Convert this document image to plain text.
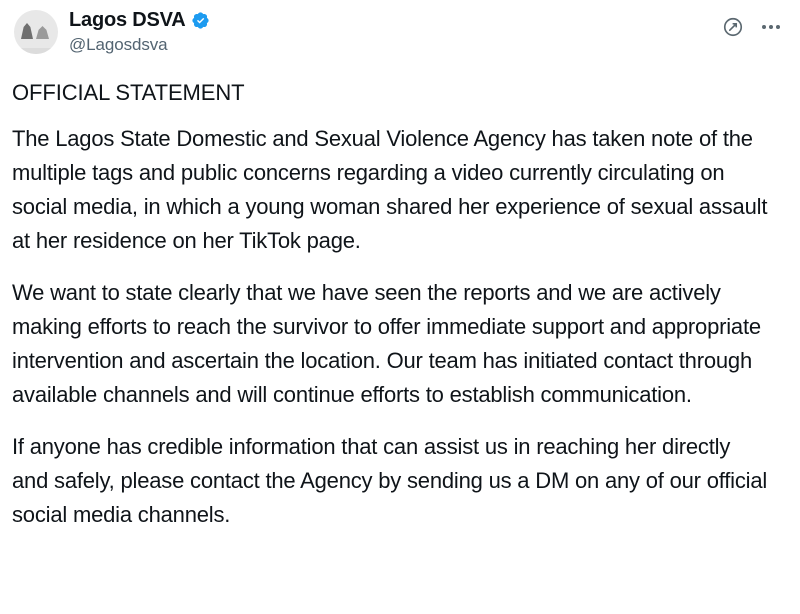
Lagos DSVA
@Lagosdsva
OFFICIAL STATEMENT

The Lagos State Domestic and Sexual Violence Agency has taken note of the multiple tags and public concerns regarding a video currently circulating on social media, in which a young woman shared her experience of sexual assault at her residence on her TikTok page.

We want to state clearly that we have seen the reports and we are actively making efforts to reach the survivor to offer immediate support and appropriate intervention and ascertain the location. Our team has initiated contact through available channels and will continue efforts to establish communication.

If anyone has credible information that can assist us in reaching her directly and safely, please contact the Agency by sending us a DM on any of our official social media channels.
